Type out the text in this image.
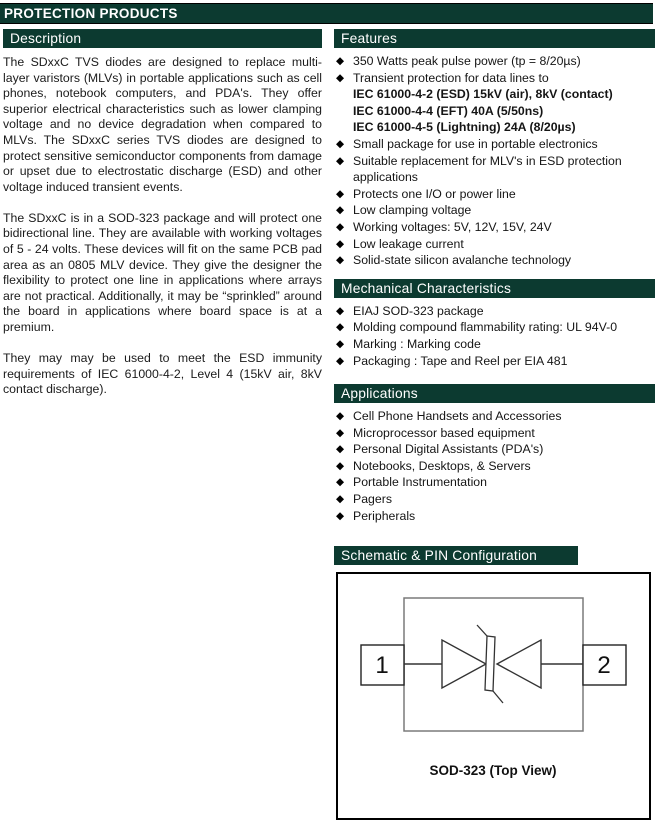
PROTECTION PRODUCTS
Description

The SDxxC TVS diodes are designed to replace multi-layer varistors (MLVs) in portable applications such as cell phones, notebook computers, and PDA's. They offer superior electrical characteristics such as lower clamping voltage and no device degradation when compared to MLVs. The SDxxC series TVS diodes are designed to protect sensitive semiconductor components from damage or upset due to electrostatic discharge (ESD) and other voltage induced transient events.

The SDxxC is in a SOD-323 package and will protect one bidirectional line. They are available with working voltages of 5 - 24 volts. These devices will fit on the same PCB pad area as an 0805 MLV device. They give the designer the flexibility to protect one line in applications where arrays are not practical. Additionally, it may be “sprinkled” around the board in applications where board space is at a premium.

They may may be used to meet the ESD immunity requirements of IEC 61000-4-2, Level 4 (15kV air, 8kV contact discharge).

Features
◆ 350 Watts peak pulse power (tp = 8/20µs)
◆ Transient protection for data lines to
IEC 61000-4-2 (ESD) 15kV (air), 8kV (contact)
IEC 61000-4-4 (EFT) 40A (5/50ns)
IEC 61000-4-5 (Lightning) 24A (8/20µs)
◆ Small package for use in portable electronics
◆ Suitable replacement for MLV's in ESD protection applications
◆ Protects one I/O or power line
◆ Low clamping voltage
◆ Working voltages: 5V, 12V, 15V, 24V
◆ Low leakage current
◆ Solid-state silicon avalanche technology
Mechanical Characteristics
◆ EIAJ SOD-323 package
◆ Molding compound flammability rating: UL 94V-0
◆ Marking : Marking code
◆ Packaging : Tape and Reel per EIA 481
Applications
◆ Cell Phone Handsets and Accessories
◆ Microprocessor based equipment
◆ Personal Digital Assistants (PDA's)
◆ Notebooks, Desktops, & Servers
◆ Portable Instrumentation
◆ Pagers
◆ Peripherals
Schematic & PIN Configuration
1	2
SOD-323 (Top View)
